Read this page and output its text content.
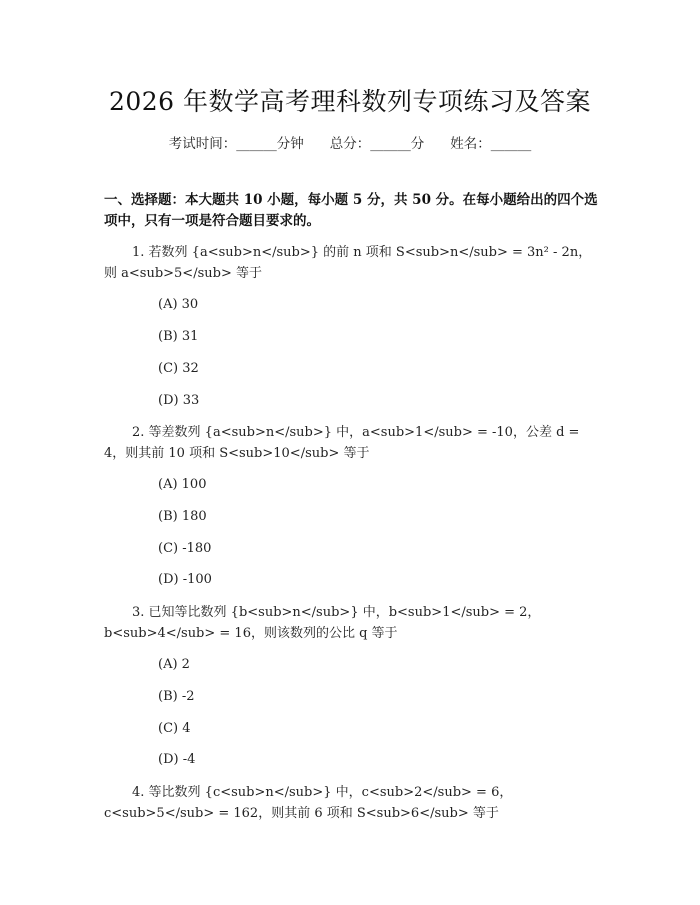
2026 年数学高考理科数列专项练习及答案
考试时间：______分钟 总分：______分 姓名：______
一、选择题：本大题共 10 小题，每小题 5 分，共 50 分。在每小题给出的四个选项中，只有一项是符合题目要求的。
1. 若数列 {a<sub>n</sub>} 的前 n 项和 S<sub>n</sub> = 3n² - 2n，则 a<sub>5</sub> 等于
(A) 30
(B) 31
(C) 32
(D) 33
2. 等差数列 {a<sub>n</sub>} 中，a<sub>1</sub> = -10，公差 d = 4，则其前 10 项和 S<sub>10</sub> 等于
(A) 100
(B) 180
(C) -180
(D) -100
3. 已知等比数列 {b<sub>n</sub>} 中，b<sub>1</sub> = 2，b<sub>4</sub> = 16，则该数列的公比 q 等于
(A) 2
(B) -2
(C) 4
(D) -4
4. 等比数列 {c<sub>n</sub>} 中，c<sub>2</sub> = 6，c<sub>5</sub> = 162，则其前 6 项和 S<sub>6</sub> 等于
